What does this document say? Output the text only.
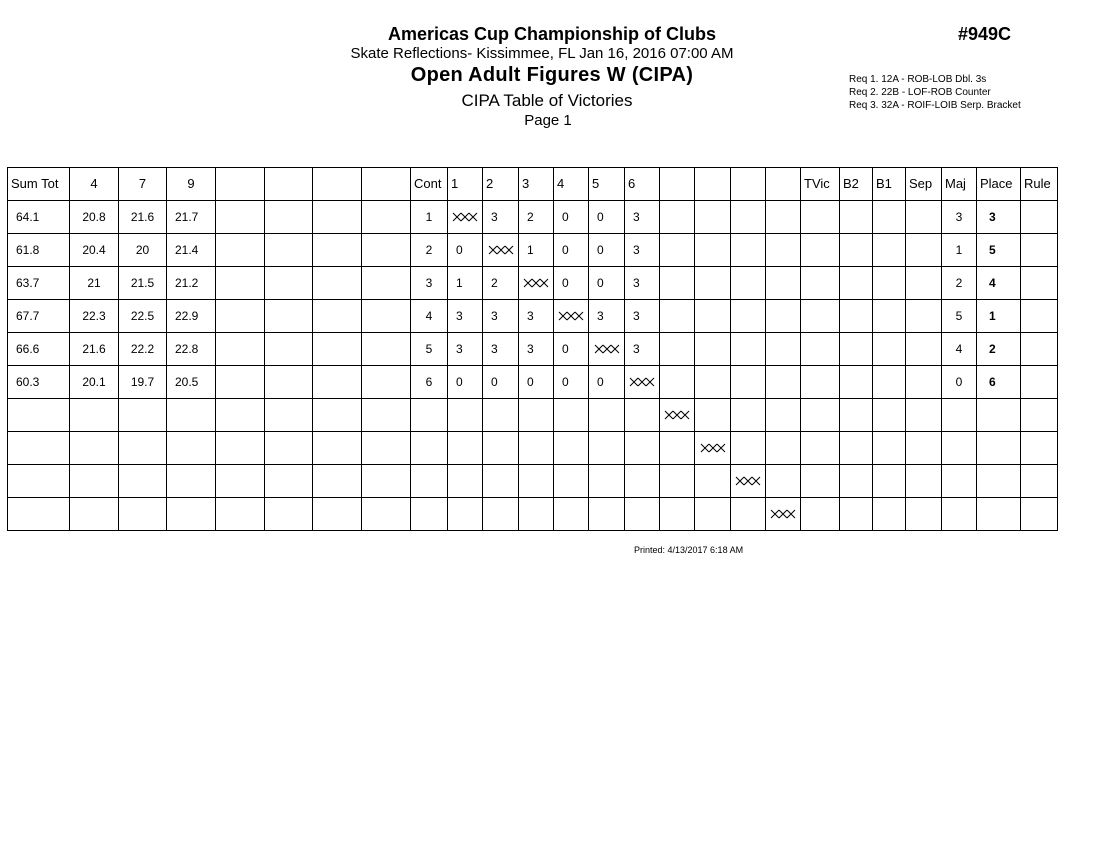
Americas Cup Championship of Clubs
Skate Reflections- Kissimmee, FL Jan 16, 2016 07:00 AM
Open Adult Figures W (CIPA)
CIPA Table of Victories
Page 1
#949C
Req 1. 12A - ROB-LOB Dbl. 3s
Req 2. 22B - LOF-ROB Counter
Req 3. 32A - ROIF-LOIB Serp. Bracket
Sum Tot	4	7	9					Cont	1	2	3	4	5	6					TVic	B2	B1	Sep	Maj	Place	Rule
64.1	20.8	21.6	21.7					1		3	2	0	0	3									3	3	
61.8	20.4	20	21.4					2	0		1	0	0	3									1	5	
63.7	21	21.5	21.2					3	1	2		0	0	3									2	4	
67.7	22.3	22.5	22.9					4	3	3	3		3	3									5	1	
66.6	21.6	22.2	22.8					5	3	3	3	0		3									4	2	
60.3	20.1	19.7	20.5					6	0	0	0	0	0										0	6	

Printed: 4/13/2017 6:18 AM
